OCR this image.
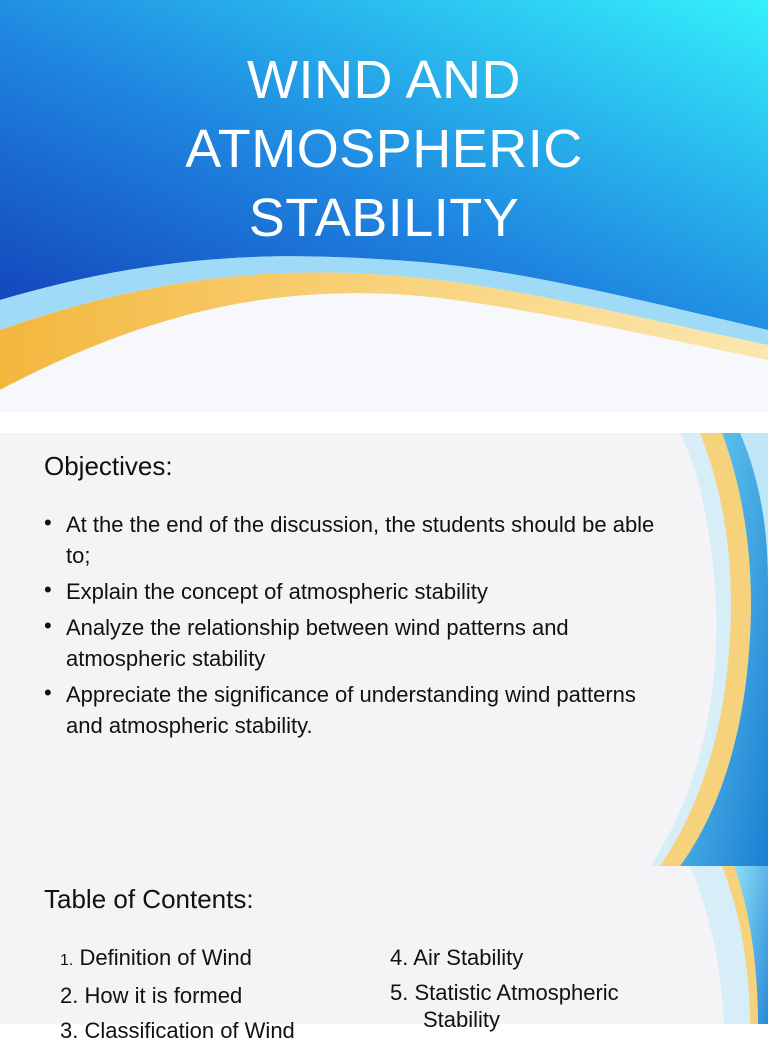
WIND AND
ATMOSPHERIC
STABILITY
Objectives:
• At the the end of the discussion, the students should be able to;
• Explain the concept of atmospheric stability
• Analyze the relationship between wind patterns and atmospheric stability
• Appreciate the significance of understanding wind patterns and atmospheric stability.
Table of Contents:
1. Definition of Wind
2. How it is formed
3. Classification of Wind
4. Air Stability
5. Statistic Atmospheric
Stability
